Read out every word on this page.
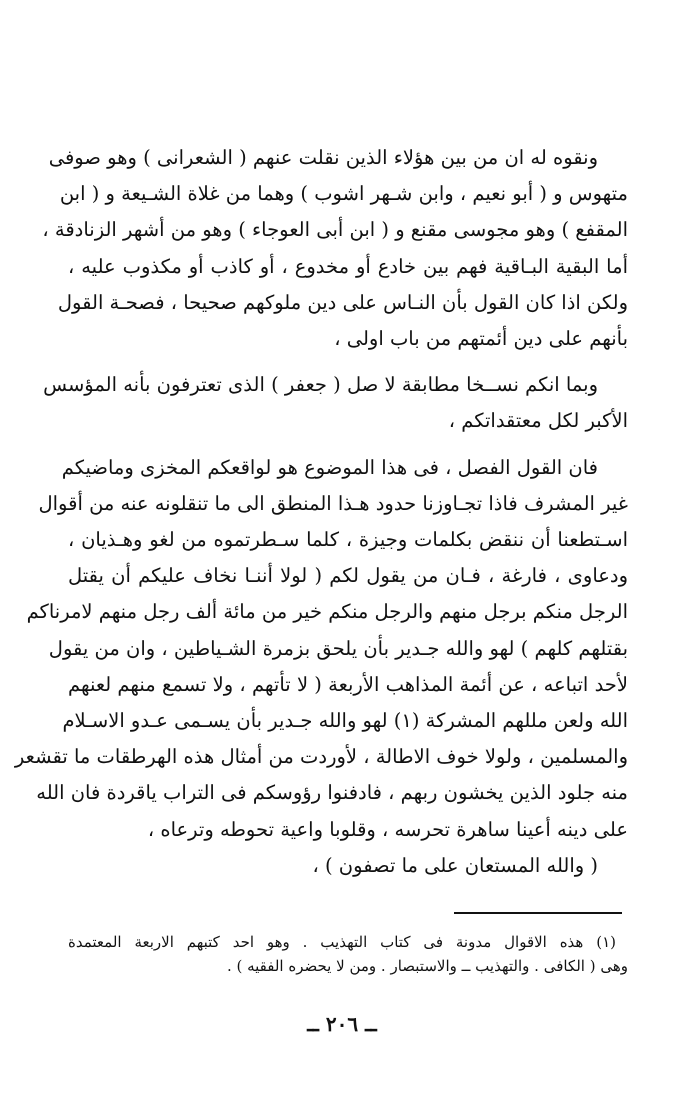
ونقوه له ان من بين هؤلاء الذين نقلت عنهم ( الشعرانى ) وهو صوفى
متهوس و ( أبو نعيم ، وابن شـهر اشوب ) وهما من غلاة الشـيعة و ( ابن
المقفع ) وهو مجوسى مقنع و ( ابن أبى العوجاء ) وهو من أشهر الزنادقة ،
أما البقية البـاقية فهم بين خادع أو مخدوع ، أو كاذب أو مكذوب عليه ،
ولكن اذا كان القول بأن النـاس على دين ملوكهم صحيحا ، فصحـة القول
بأنهم على دين أئمتهم من باب اولى ،

وبما انكم نســخا مطابقة لا صل ( جعفر ) الذى تعترفون بأنه المؤسس
الأكبر لكل معتقداتكم ،

فان القول الفصل ، فى هذا الموضوع هو لواقعكم المخزى وماضيكم
غير المشرف فاذا تجـاوزنا حدود هـذا المنطق الى ما تنقلونه عنه من أقوال
اسـتطعنا أن ننقض بكلمات وجيزة ، كلما سـطرتموه من لغو وهـذيان ،
ودعاوى ، فارغة ، فـان من يقول لكم ( لولا أننـا نخاف عليكم أن يقتل
الرجل منكم برجل منهم والرجل منكم خير من مائة ألف رجل منهم لامرناكم
بقتلهم كلهم ) لهو والله جـدير بأن يلحق بزمرة الشـياطين ، وان من يقول
لأحد اتباعه ، عن أئمة المذاهب الأربعة ( لا تأتهم ، ولا تسمع منهم لعنهم
الله ولعن مللهم المشركة (١) لهو والله جـدير بأن يسـمى عـدو الاسـلام
والمسلمين ، ولولا خوف الاطالة ، لأوردت من أمثال هذه الهرطقات ما تقشعر
منه جلود الذين يخشون ربهم ، فادفنوا رؤوسكم فى التراب ياقردة فان الله
على دينه أعينا ساهرة تحرسه ، وقلوبا واعية تحوطه وترعاه ،

( والله المستعان على ما تصفون ) ،

(١) هذه الاقوال مدونة فى كتاب التهذيب . وهو احد كتبهم الاربعة المعتمدة
وهى ( الكافى . والتهذيب ــ والاستبصار . ومن لا يحضره الفقيه ) .
ــ ٢٠٦ ــ
